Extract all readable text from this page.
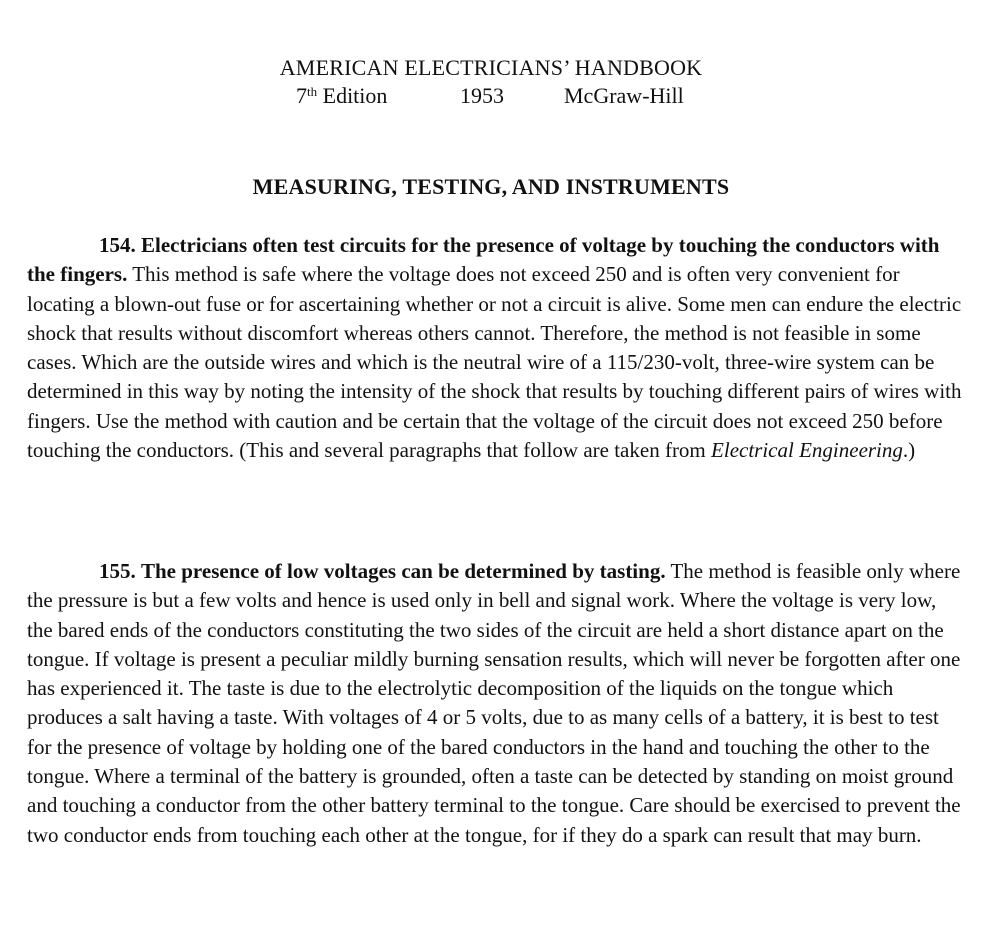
AMERICAN ELECTRICIANS’ HANDBOOK
7th Edition	1953	McGraw-Hill
MEASURING, TESTING, AND INSTRUMENTS

154. Electricians often test circuits for the presence of voltage by touching the conductors with the fingers. This method is safe where the voltage does not exceed 250 and is often very convenient for locating a blown-out fuse or for ascertaining whether or not a circuit is alive. Some men can endure the electric shock that results without discomfort whereas others cannot. Therefore, the method is not feasible in some cases. Which are the outside wires and which is the neutral wire of a 115/230-volt, three-wire system can be determined in this way by noting the intensity of the shock that results by touching different pairs of wires with fingers. Use the method with caution and be certain that the voltage of the circuit does not exceed 250 before touching the conductors. (This and several paragraphs that follow are taken from Electrical Engineering.)

155. The presence of low voltages can be determined by tasting. The method is feasible only where the pressure is but a few volts and hence is used only in bell and signal work. Where the voltage is very low, the bared ends of the conductors constituting the two sides of the circuit are held a short distance apart on the tongue. If voltage is present a peculiar mildly burning sensation results, which will never be forgotten after one has experienced it. The taste is due to the electrolytic decomposition of the liquids on the tongue which produces a salt having a taste. With voltages of 4 or 5 volts, due to as many cells of a battery, it is best to test for the presence of voltage by holding one of the bared conductors in the hand and touching the other to the tongue. Where a terminal of the battery is grounded, often a taste can be detected by standing on moist ground and touching a conductor from the other battery terminal to the tongue. Care should be exercised to prevent the two conductor ends from touching each other at the tongue, for if they do a spark can result that may burn.
